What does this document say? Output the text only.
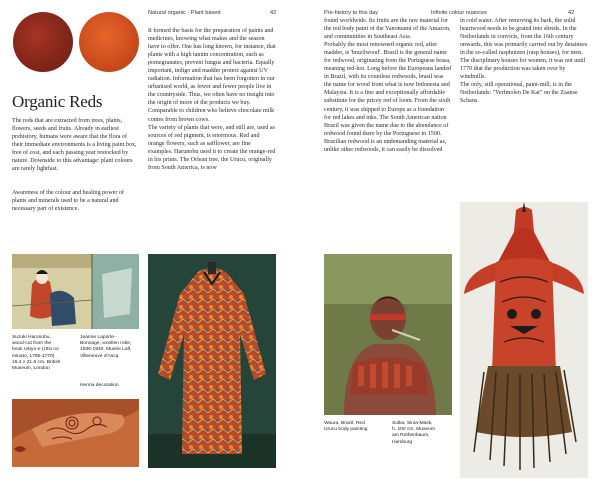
Natural organic · Plant based	42	Pre-history to this day	Infinite colour nuances	42
Organic Reds

The reds that are extracted from trees, plants, flowers, seeds and fruits. Already in earliest prehistory, humans were aware that the flora of their immediate environments is a living paint box, free of cost, and each passing year restocked by nature. Downside to this advantage: plant colours are rarely lightfast.

Awareness of the colour and healing power of plants and minerals used to be a natural and necessary part of existence.

It formed the basis for the preparation of paints and medicines, knowing what makes and the season have to offer. One has long known, for instance, that plants with a high tannin concentration, such as pomegranates, prevent fungus and bacteria. Equally important, indigo and madder protect against UV radiation. Information that has been forgotten in our urbanised world, as fewer and fewer people live in the countryside. Thus, we often have no insight into the origin of more of the products we buy. Comparable to children who believe chocolate milk comes from brown cows.

The variety of plants that were, and still are, used as sources of red pigment, is enormous. Red and orange flowers, such as safflower, are fine examples. Harunobu used it to create the orange-red in his prints. The Orlean tree, the Urucu, originally from South America, is now

found worldwide. Its fruits are the raw material for the red body paint of the Yanomami of the Amazon, and communities in Southeast Asia.

Probably the most renowned organic red, after madder, is 'brazilwood'. Brazil is the general name for redwood, originating from the Portuguese brasa, meaning red-hot. Long before the Europeans landed in Brazil, with its countless redwoods, brasil was the name for wood from what is now Indonesia and Malaysia. It is a fine and exceptionally affordable substitute for the pricey red of loom. From the sixth century, it was shipped to Europe as a foundation for red lakes and inks. The South American nation Brazil was given the name due to the abundance of redwood found there by the Portuguese in 1500. Brazilian redwood is an undemanding material as, unlike other redwoods, it can easily be dissolved

in cold water. After removing its bark, the solid heartwood needs to be grated into shreds. In the Netherlands in convicts, from the 16th century onwards, this was primarily carried out by detainees in the so-called rasphuizen (rasp houses), for men. The disciplinary houses for women, it was not until 1770 that the production was taken over by windmills.

The only, still operational, paint-mill, is in the Netherlands: "Verfmolen De Kat" on the Zaanse Schans.

Suzuki Harunobu,
wood-cut from the
book Ukiyo-e (Utsi no
minato, 1765-1770)
15.4 x 21.6 cm, British
Museum, London
Jeanne Laporte-
Bonnage, woollen robe,
1936-1940, Musée Lalf,
Villeneuve d'Ascq
Henna decoration
Waura, Brazil, Red
Urucu body painting
Sulka, Sinia-Mask,
h. 100 cm, Museum
am Rothenbaum,
Hamburg
